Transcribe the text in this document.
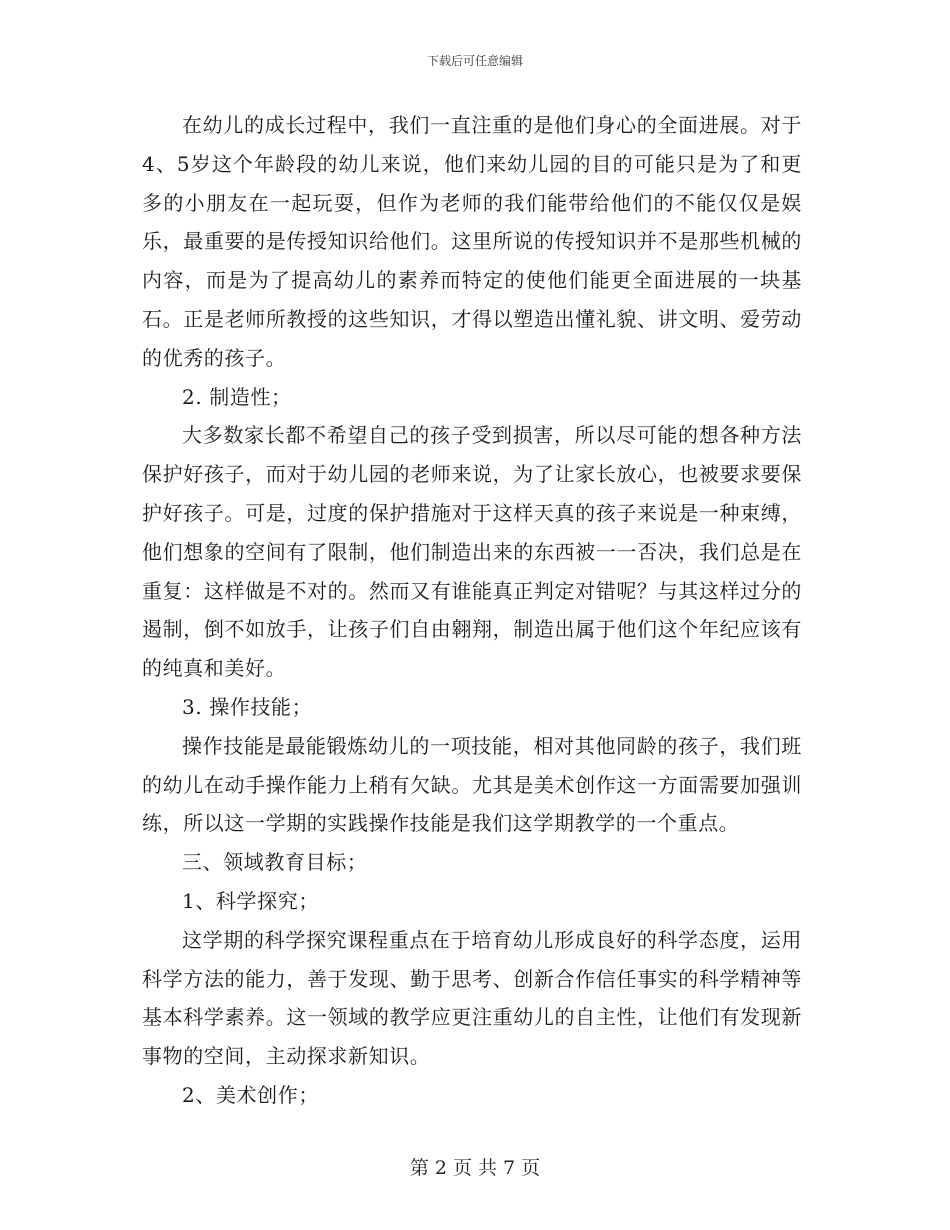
下载后可任意编辑

在幼儿的成长过程中，我们一直注重的是他们身心的全面进展。对于4、5岁这个年龄段的幼儿来说，他们来幼儿园的目的可能只是为了和更多的小朋友在一起玩耍，但作为老师的我们能带给他们的不能仅仅是娱乐，最重要的是传授知识给他们。这里所说的传授知识并不是那些机械的内容，而是为了提高幼儿的素养而特定的使他们能更全面进展的一块基石。正是老师所教授的这些知识，才得以塑造出懂礼貌、讲文明、爱劳动的优秀的孩子。

2. 制造性；

大多数家长都不希望自己的孩子受到损害，所以尽可能的想各种方法保护好孩子，而对于幼儿园的老师来说，为了让家长放心，也被要求要保护好孩子。可是，过度的保护措施对于这样天真的孩子来说是一种束缚，他们想象的空间有了限制，他们制造出来的东西被一一否决，我们总是在重复：这样做是不对的。然而又有谁能真正判定对错呢？与其这样过分的遏制，倒不如放手，让孩子们自由翱翔，制造出属于他们这个年纪应该有的纯真和美好。

3. 操作技能；

操作技能是最能锻炼幼儿的一项技能，相对其他同龄的孩子，我们班的幼儿在动手操作能力上稍有欠缺。尤其是美术创作这一方面需要加强训练，所以这一学期的实践操作技能是我们这学期教学的一个重点。

三、领域教育目标；

1、科学探究；

这学期的科学探究课程重点在于培育幼儿形成良好的科学态度，运用科学方法的能力，善于发现、勤于思考、创新合作信任事实的科学精神等基本科学素养。这一领域的教学应更注重幼儿的自主性，让他们有发现新事物的空间，主动探求新知识。

2、美术创作；

第 2 页 共 7 页
